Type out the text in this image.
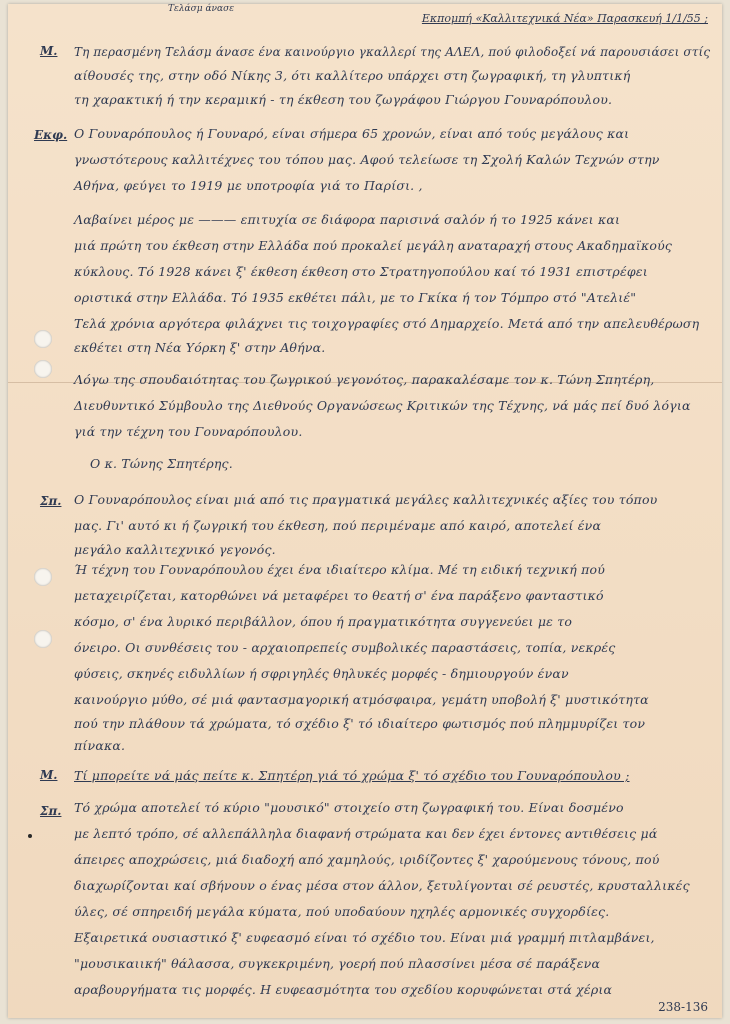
Εκπομπή «Καλλιτεχνικά Νέα» Παρασκευή 1/1/55 ;
Τελάσμ άνασε
Μ. Τη περασμένη Τελάσμ άνασε ένα καινούργιο γκαλλερί της ΑΛΕΛ, πού φιλοδοξεί νά παρουσιάσει στίς
αίθουσές της, στην οδό Νίκης 3, ότι καλλίτερο υπάρχει στη ζωγραφική, τη γλυπτική
τη χαρακτική ή την κεραμική - τη έκθεση του ζωγράφου Γιώργου Γουναρόπουλου.
Εκφ. Ο Γουναρόπουλος ή Γουναρό, είναι σήμερα 65 χρονών, είναι από τούς μεγάλους και
γνωστότερους καλλιτέχνες του τόπου μας. Αφού τελείωσε τη Σχολή Καλών Τεχνών στην
Αθήνα, φεύγει το 1919 με υποτροφία γιά το Παρίσι. ,
Λαβαίνει μέρος με ——— επιτυχία σε διάφορα παρισινά σαλόν ή το 1925 κάνει και
μιά πρώτη του έκθεση στην Ελλάδα πού προκαλεί μεγάλη αναταραχή στους Ακαδημαϊκούς
κύκλους. Τό 1928 κάνει ξ' έκθεση έκθεση στο Στρατηγοπούλου καί τό 1931 επιστρέφει
οριστικά στην Ελλάδα. Τό 1935 εκθέτει πάλι, με το Γκίκα ή τον Τόμπρο στό "Ατελιέ"
Τελά χρόνια αργότερα φιλάχνει τις τοιχογραφίες στό Δημαρχείο. Μετά από την απελευθέρωση
εκθέτει στη Νέα Υόρκη ξ' στην Αθήνα.
Λόγω της σπουδαιότητας του ζωγρικού γεγονότος, παρακαλέσαμε τον κ. Τώνη Σπητέρη,
Διευθυντικό Σύμβουλο της Διεθνούς Οργανώσεως Κριτικών της Τέχνης, νά μάς πεί δυό λόγια
γιά την τέχνη του Γουναρόπουλου.
Ο κ. Τώνης Σπητέρης.
Σπ. Ο Γουναρόπουλος είναι μιά από τις πραγματικά μεγάλες καλλιτεχνικές αξίες του τόπου
μας. Γι' αυτό κι ή ζωγρική του έκθεση, πού περιμέναμε από καιρό, αποτελεί ένα
μεγάλο καλλιτεχνικό γεγονός.
Ή τέχνη του Γουναρόπουλου έχει ένα ιδιαίτερο κλίμα. Μέ τη ειδική τεχνική πού
μεταχειρίζεται, κατορθώνει νά μεταφέρει το θεατή σ' ένα παράξενο φανταστικό
κόσμο, σ' ένα λυρικό περιβάλλον, όπου ή πραγματικότητα συγγενεύει με το
όνειρο. Οι συνθέσεις του - αρχαιοπρεπείς συμβολικές παραστάσεις, τοπία, νεκρές
φύσεις, σκηνές ειδυλλίων ή σφριγηλές θηλυκές μορφές - δημιουργούν έναν
καινούργιο μύθο, σέ μιά φαντασμαγορική ατμόσφαιρα, γεμάτη υποβολή ξ' μυστικότητα
πού την πλάθουν τά χρώματα, τό σχέδιο ξ' τό ιδιαίτερο φωτισμός πού πλημμυρίζει τον
πίνακα.
Μ. Τί μπορείτε νά μάς πείτε κ. Σπητέρη γιά τό χρώμα ξ' τό σχέδιο του Γουναρόπουλου ;
Σπ. Τό χρώμα αποτελεί τό κύριο "μουσικό" στοιχείο στη ζωγραφική του. Είναι δοσμένο
με λεπτό τρόπο, σέ αλλεπάλληλα διαφανή στρώματα και δεν έχει έντονες αντιθέσεις μά
άπειρες αποχρώσεις, μιά διαδοχή από χαμηλούς, ιριδίζοντες ξ' χαρούμενους τόνους, πού
διαχωρίζονται καί σβήνουν ο ένας μέσα στον άλλον, ξετυλίγονται σέ ρευστές, κρυσταλλικές
ύλες, σέ σπηρειδή μεγάλα κύματα, πού υποδαύουν ηχηλές αρμονικές συγχορδίες.
Εξαιρετικά ουσιαστικό ξ' ευφεασμό είναι τό σχέδιο του. Είναι μιά γραμμή πιτλαμβάνει,
"μουσικαιική" θάλασσα, συγκεκριμένη, γοερή πού πλασσίνει μέσα σέ παράξενα
αραβουργήματα τις μορφές. Η ευφεασμότητα του σχεδίου κορυφώνεται στά χέρια
238-136
